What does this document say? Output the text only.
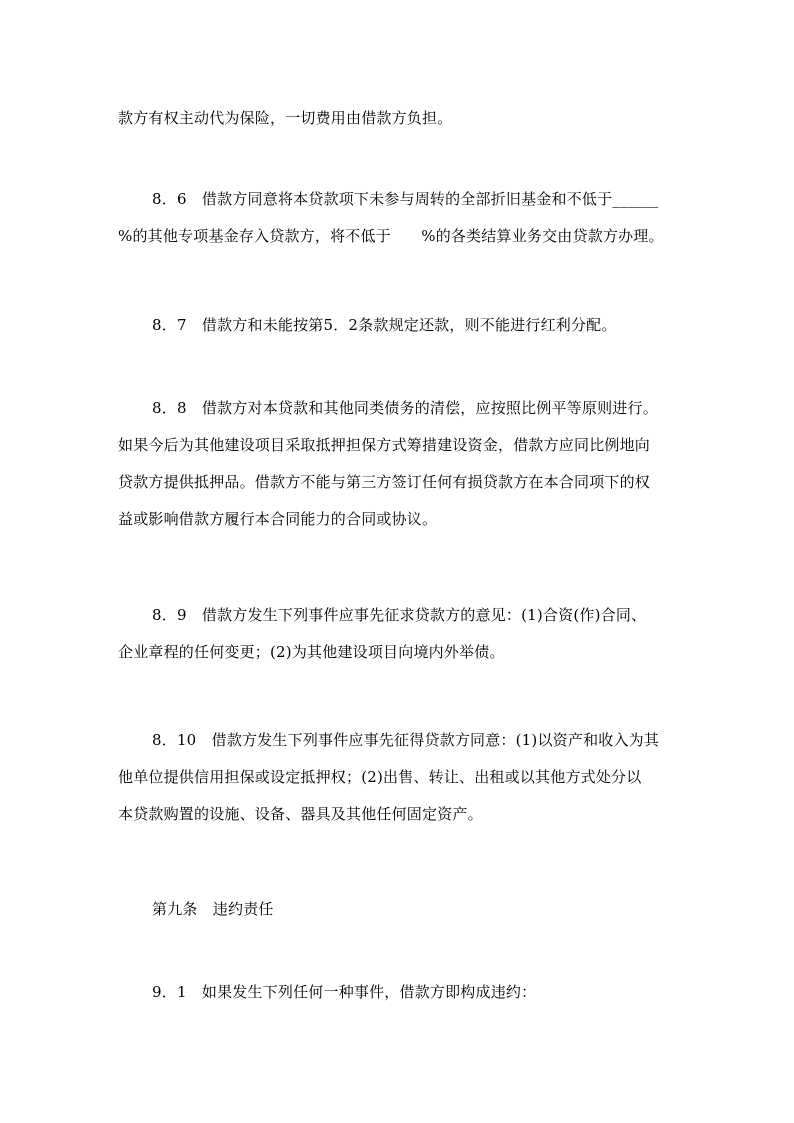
款方有权主动代为保险，一切费用由借款方负担。
8．6　借款方同意将本贷款项下未参与周转的全部折旧基金和不低于______
%的其他专项基金存入贷款方，将不低于　　%的各类结算业务交由贷款方办理。
8．7　借款方和未能按第5．2条款规定还款，则不能进行红利分配。
8．8　借款方对本贷款和其他同类债务的清偿，应按照比例平等原则进行。
如果今后为其他建设项目采取抵押担保方式筹措建设资金，借款方应同比例地向
贷款方提供抵押品。借款方不能与第三方签订任何有损贷款方在本合同项下的权
益或影响借款方履行本合同能力的合同或协议。
8．9　借款方发生下列事件应事先征求贷款方的意见：(1)合资(作)合同、
企业章程的任何变更；(2)为其他建设项目向境内外举债。
8．10　借款方发生下列事件应事先征得贷款方同意：(1)以资产和收入为其
他单位提供信用担保或设定抵押权；(2)出售、转让、出租或以其他方式处分以
本贷款购置的设施、设备、器具及其他任何固定资产。
第九条　违约责任
9．1　如果发生下列任何一种事件，借款方即构成违约：
